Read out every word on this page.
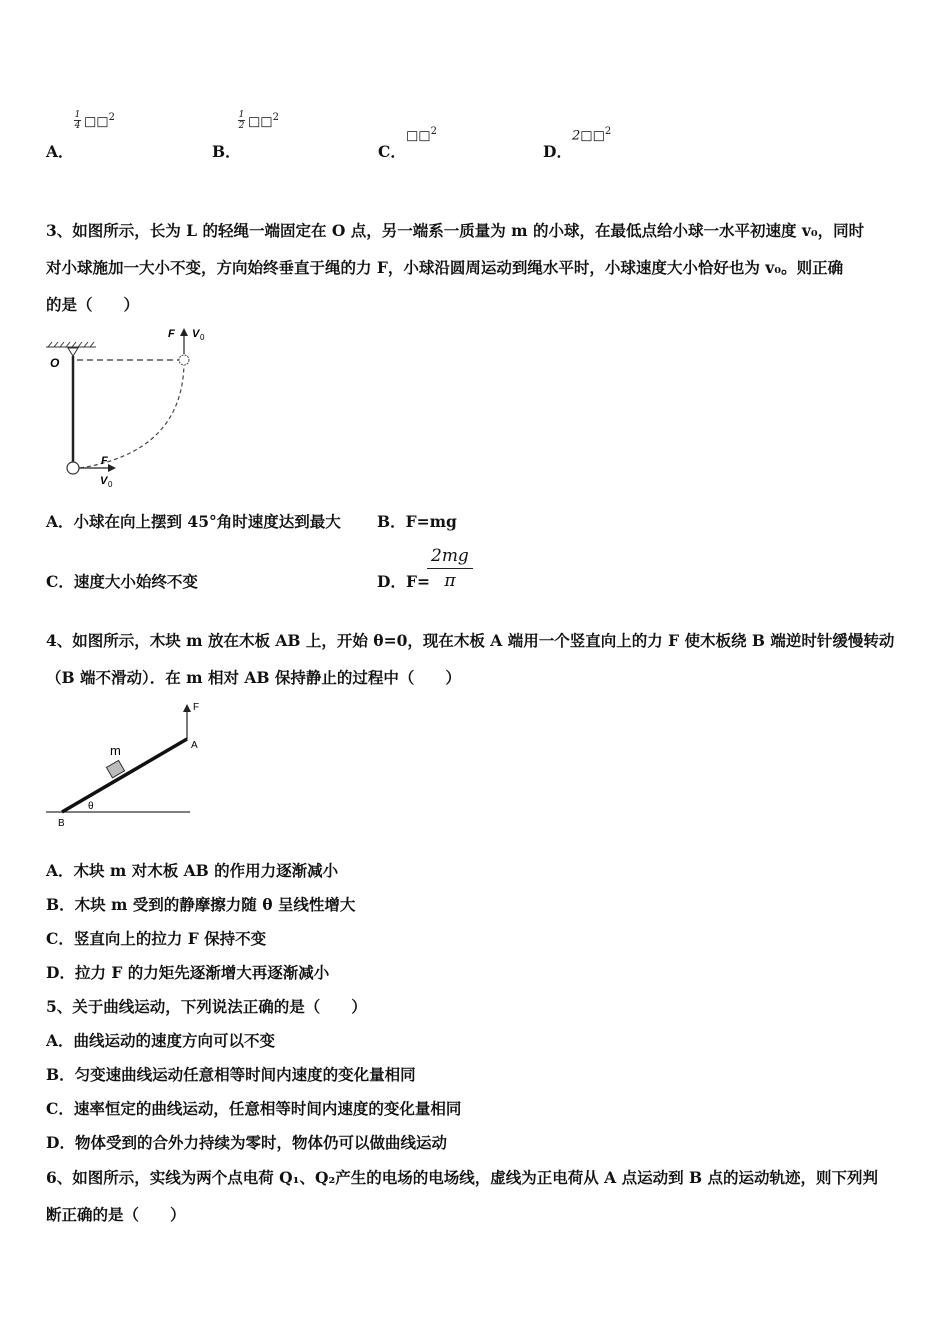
A．
1
4 □□$^2$
B．
1
2 □□$^2$
C．
□□$^2$
D．
2□□$^2$
3、如图所示，长为 L 的轻绳一端固定在 O 点，另一端系一质量为 m 的小球，在最低点给小球一水平初速度 v₀，同时
对小球施加一大小不变，方向始终垂直于绳的力 F，小球沿圆周运动到绳水平时，小球速度大小恰好也为 v₀。则正确
的是（　　）
O
F V 0
F
V 0
A．小球在向上摆到 45°角时速度达到最大 B．F=mg
C．速度大小始终不变	D．F=
$\frac{2mg}{\pi}$
4、如图所示，木块 m 放在木板 AB 上，开始 θ=0，现在木板 A 端用一个竖直向上的力 F 使木板绕 B 端逆时针缓慢转动
（B 端不滑动）．在 m 相对 AB 保持静止的过程中（　　）
F
A
m
θ
B
A．木块 m 对木板 AB 的作用力逐渐减小
B．木块 m 受到的静摩擦力随 θ 呈线性增大
C．竖直向上的拉力 F 保持不变
D．拉力 F 的力矩先逐渐增大再逐渐减小
5、关于曲线运动，下列说法正确的是（　　）
A．曲线运动的速度方向可以不变
B．匀变速曲线运动任意相等时间内速度的变化量相同
C．速率恒定的曲线运动，任意相等时间内速度的变化量相同
D．物体受到的合外力持续为零时，物体仍可以做曲线运动
6、如图所示，实线为两个点电荷 Q₁、Q₂产生的电场的电场线，虚线为正电荷从 A 点运动到 B 点的运动轨迹，则下列判
断正确的是（　　）
